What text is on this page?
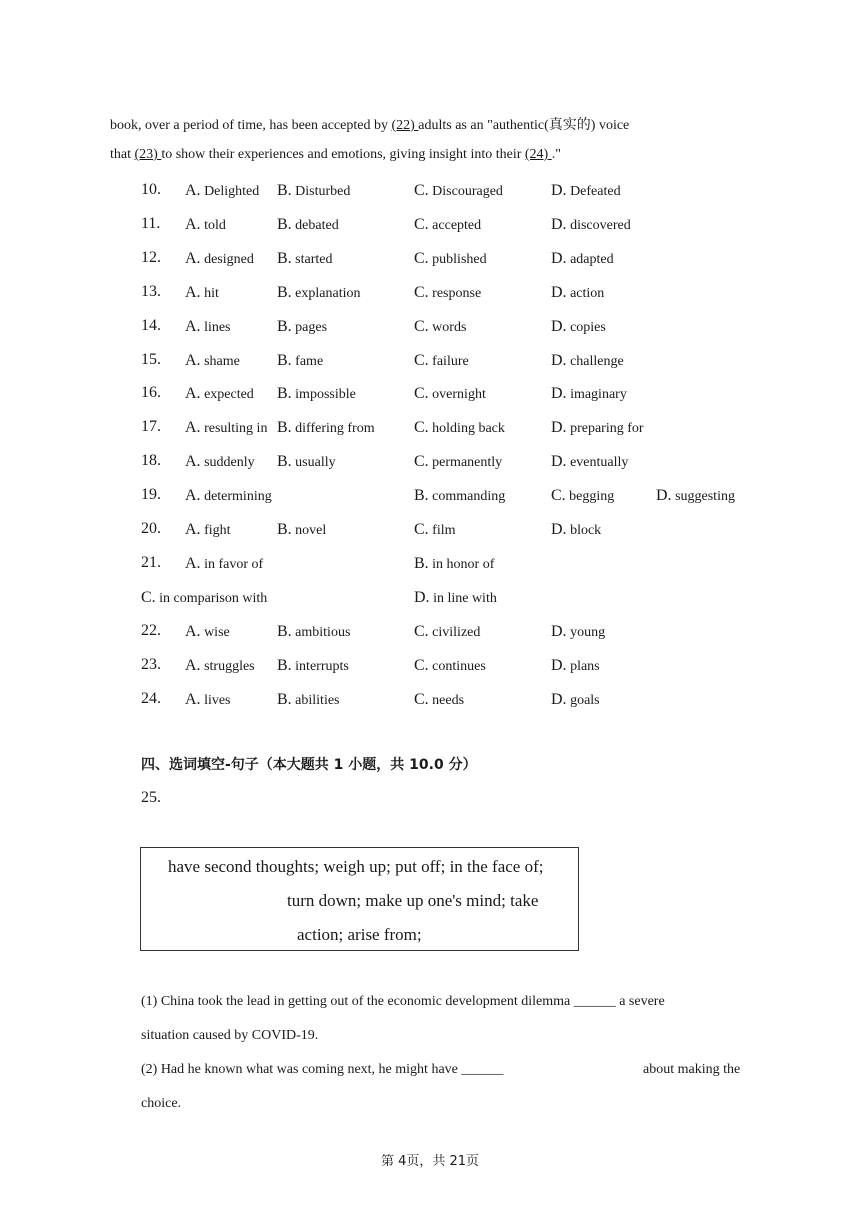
book, over a period of time, has been accepted by (22) adults as an "authentic(真实的) voice
that (23) to show their experiences and emotions, giving insight into their (24) ."
10. A. Delighted B. Disturbed	C. Discouraged	D. Defeated
11. A. told	B. debated	C. accepted	D. discovered
12. A. designed B. started	C. published	D. adapted
13. A. hit	B. explanation	C. response	D. action
14. A. lines	B. pages	C. words	D. copies
15. A. shame B. fame	C. failure	D. challenge
16. A. expected B. impossible	C. overnight	D. imaginary
17. A. resulting in B. differing from C. holding back	D. preparing for
18. A. suddenly B. usually	C. permanently	D. eventually
19. A. determining	B. commanding	C. begging	D. suggesting
20. A. fight	B. novel	C. film	D. block
21. A. in favor of	B. in honor of
C. in comparison with	D. in line with
22. A. wise	B. ambitious	C. civilized	D. young
23. A. struggles B. interrupts	C. continues	D. plans
24. A. lives	B. abilities	C. needs	D. goals
四、选词填空-句子（本大题共 1 小题，共 10.0 分）
25.
have second thoughts; weigh up; put off; in the face of;
turn down; make up one's mind; take
action; arise from;
(1) China took the lead in getting out of the economic development dilemma ______ a severe
situation caused by COVID-19.
(2) Had he known what was coming next, he might have ______	about making the
choice.
第 4页，共 21页
